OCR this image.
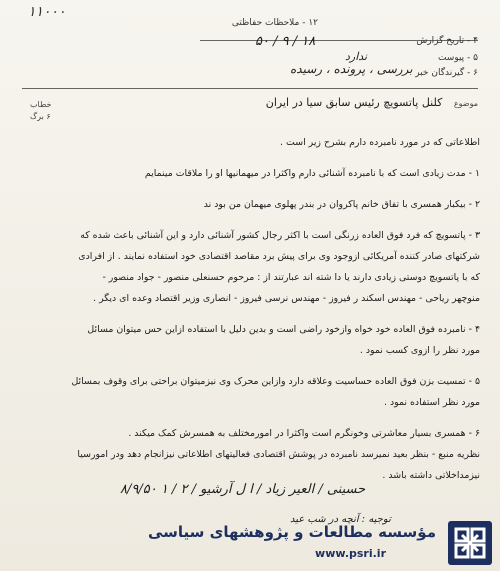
۱۱۰۰۰
۱۲ - ملاحظات حفاظتی
۴ - تاریخ گزارش
۵۰ / ۹ / ۱۸
۵ - پیوست
ندارد
۶ - گیرندگان خبر
بررسی ، پرونده ، رسیده
موضوع کلنل پاتسویچ رئیس سابق سیا در ایران
خطاب
۶ برگ
اطلاعاتی که در مورد نامبرده دارم بشرح زیر است .
۱ - مدت زیادی است که با نامبرده آشنائی دارم واکثرا در میهمانیها او را ملاقات مینمایم
۲ - بیکبار همسری با تفاق خانم پاکروان در بندر پهلوی میهمان من بود ند
۳ - پاتسویچ که فرد فوق العاده زرنگی است با اکثر رجال کشور آشنائی دارد و این آشنائی باعث شده که
شرکتهای صادر کننده آمریکائی ازوجود وی برای پیش برد مقاصد اقتصادی خود استفاده نمایند . از افرادی
که با پاتسویچ دوستی زیادی دارند یا دا شته اند عبارتند از : مرحوم حسنعلی منصور - جواد منصور -
منوچهر ریاحی - مهندس اسکند ر فیروز - مهندس نرسی فیروز - انصاری وزیر اقتصاد وعده ای دیگر .
۴ - نامبرده فوق العاده خود خواه وازخود راضی است و بدین دلیل با استفاده ازاین حس میتوان مسائل
مورد نظر را ازوی کسب نمود .
۵ - تمسیت بزن فوق العاده حساسیت وعلاقه دارد وازاین محرک وی نیزمیتوان براحتی برای وقوف بمسائل
مورد نظر استفاده نمود .
۶ - همسری بسیار معاشرتی وخونگرم است واکثرا در امورمختلف به همسرش کمک میکند .
نظریه منبع - بنظر بعید نمیرسد نامبرده در پوشش اقتصادی فعالیتهای اطلاعاتی نیزانجام دهد ودر امورسیا
نیزمداخلاتی داشته باشد .
۸/۹/۵۰ ۱ / ۲ / حسینی / العیر زیاد / ا ل آرشیو
توجیه : آنچه در شب عید
مؤسسه مطالعات و پژوهشهای سیاسی
www.psri.ir
